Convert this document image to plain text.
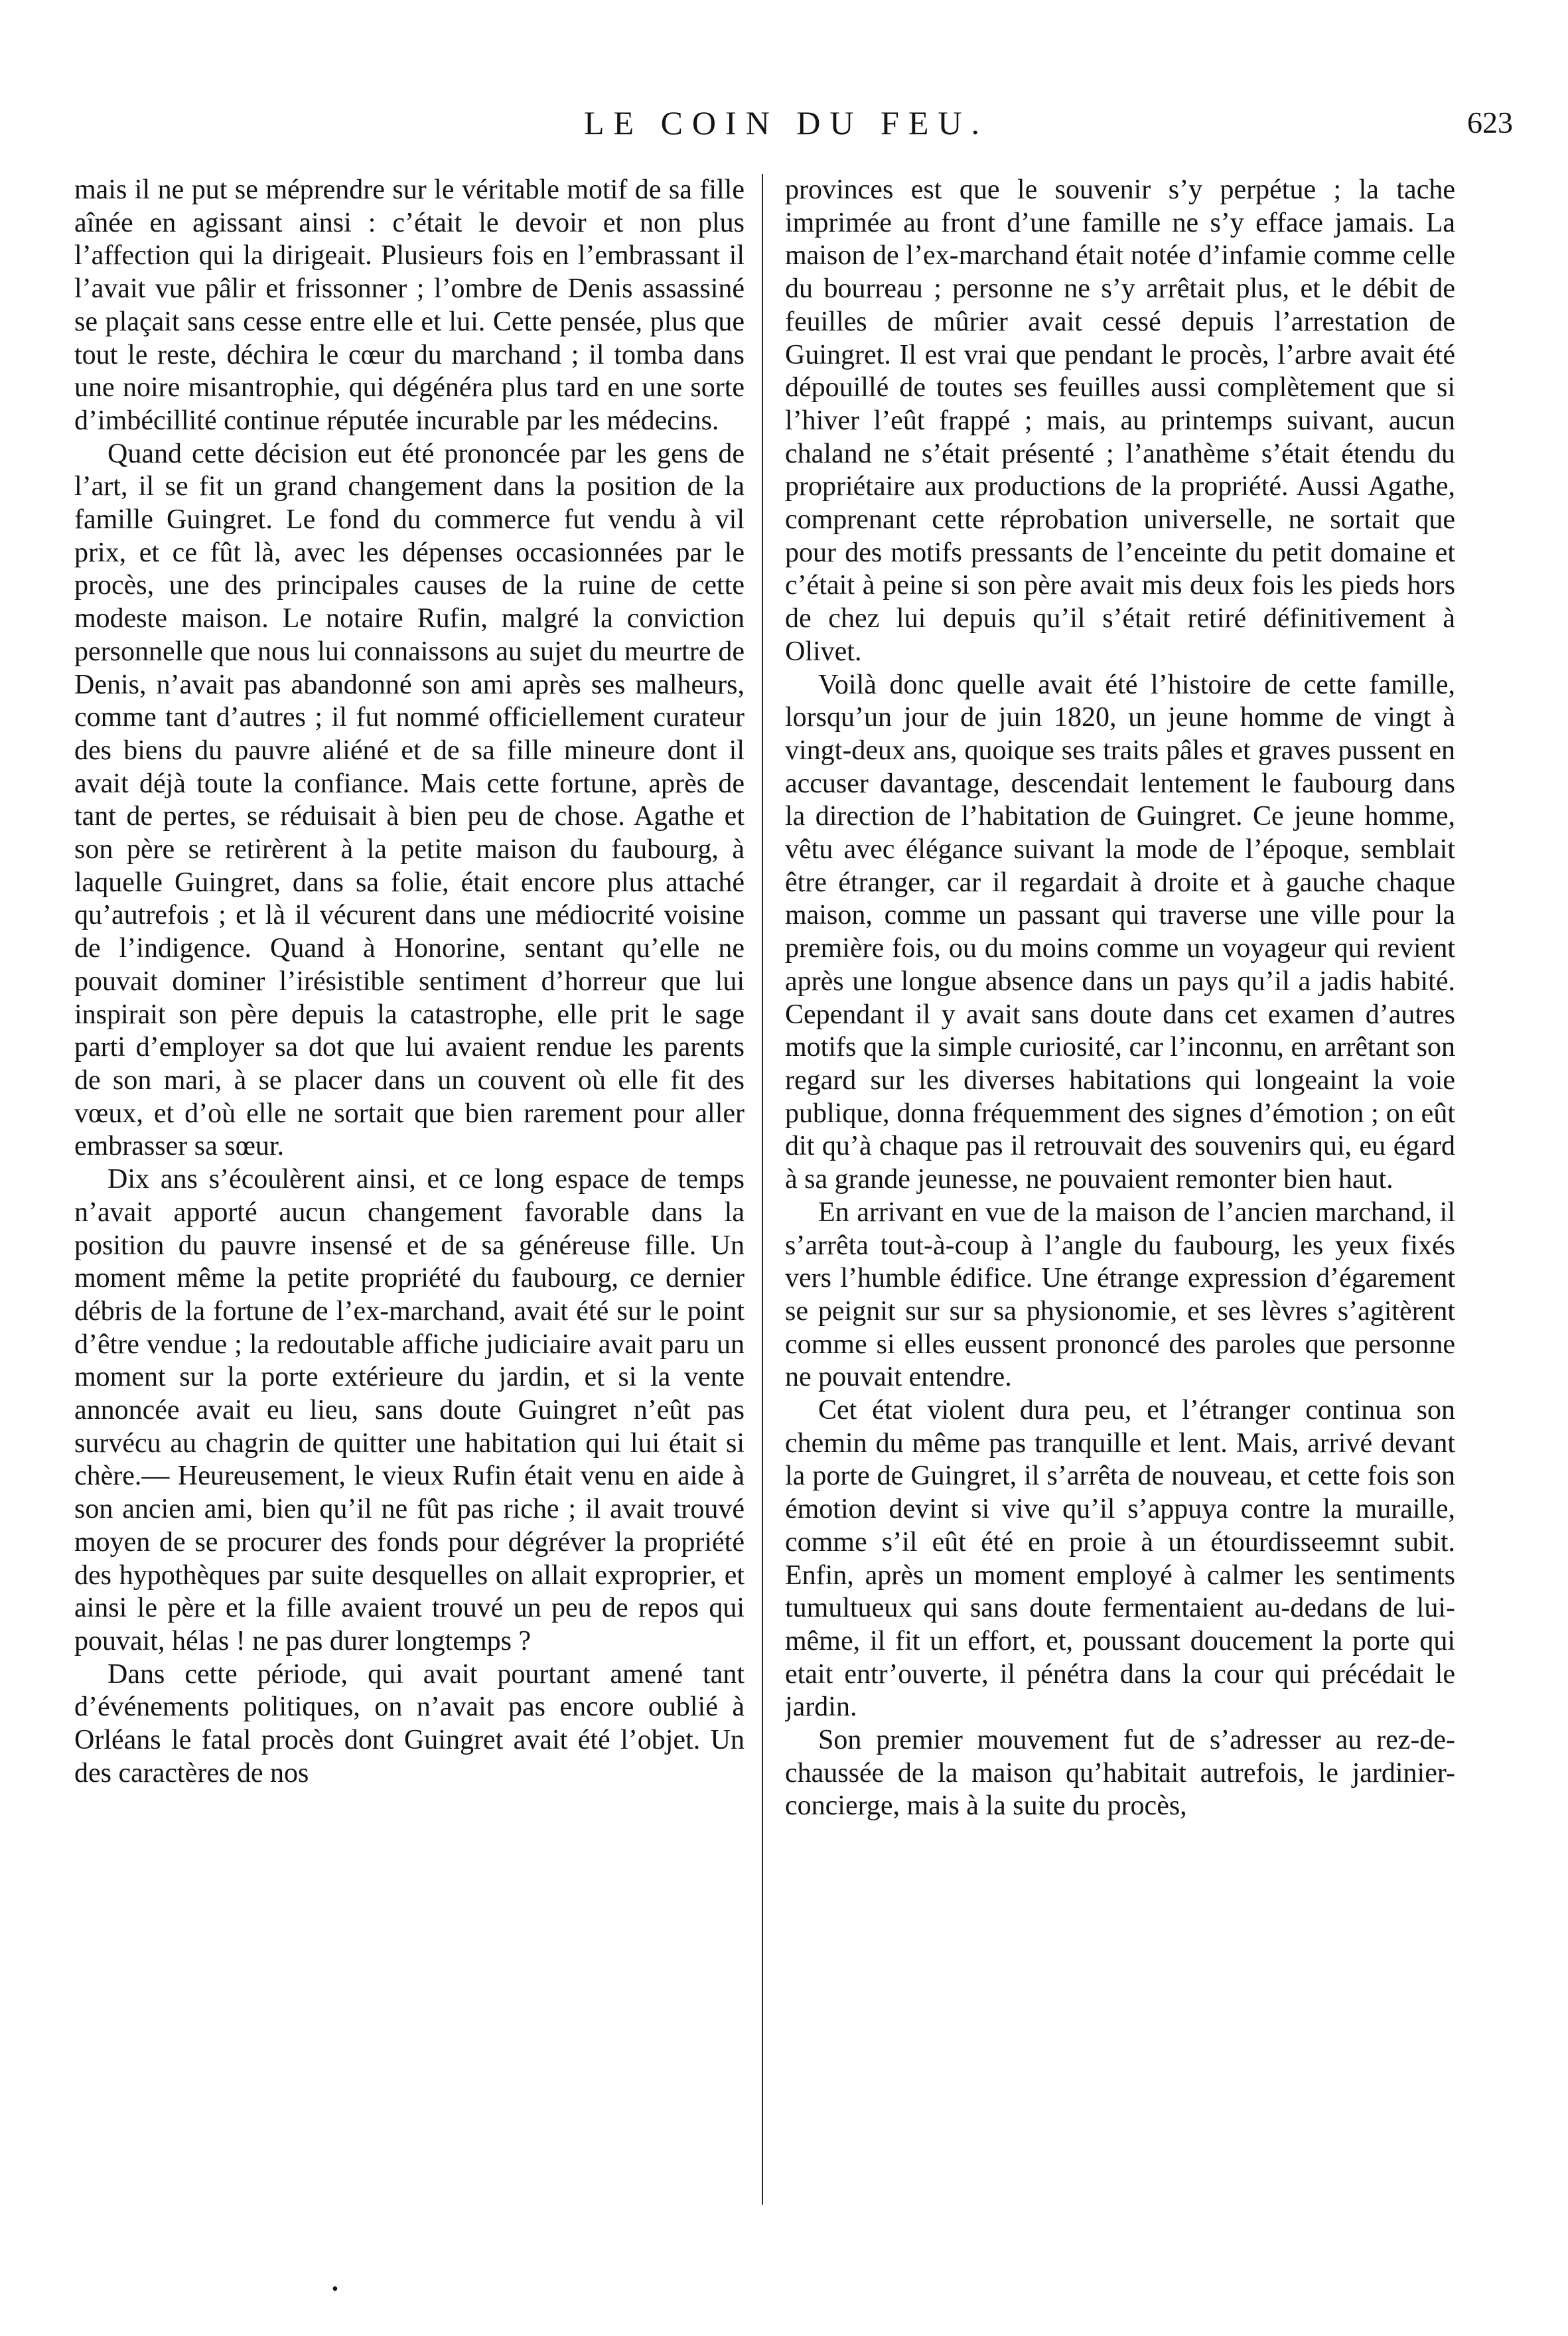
LE COIN DU FEU.	623

mais il ne put se méprendre sur le véritable motif de sa fille aînée en agissant ainsi : c’était le devoir et non plus l’affection qui la dirigeait. Plusieurs fois en l’embrassant il l’avait vue pâlir et frissonner ; l’ombre de Denis assassiné se plaçait sans cesse entre elle et lui. Cette pensée, plus que tout le reste, déchira le cœur du marchand ; il tomba dans une noire misantrophie, qui dégénéra plus tard en une sorte d’imbécillité continue réputée incurable par les médecins.

Quand cette décision eut été prononcée par les gens de l’art, il se fit un grand changement dans la position de la famille Guingret. Le fond du commerce fut vendu à vil prix, et ce fût là, avec les dépenses occasionnées par le procès, une des principales causes de la ruine de cette modeste maison. Le notaire Rufin, malgré la conviction personnelle que nous lui connaissons au sujet du meurtre de Denis, n’avait pas abandonné son ami après ses malheurs, comme tant d’autres ; il fut nommé officiellement curateur des biens du pauvre aliéné et de sa fille mineure dont il avait déjà toute la confiance. Mais cette fortune, après de tant de pertes, se réduisait à bien peu de chose. Agathe et son père se retirèrent à la petite maison du faubourg, à laquelle Guingret, dans sa folie, était encore plus attaché qu’autrefois ; et là il vécurent dans une médiocrité voisine de l’indigence. Quand à Honorine, sentant qu’elle ne pouvait dominer l’irésistible sentiment d’horreur que lui inspirait son père depuis la catastrophe, elle prit le sage parti d’employer sa dot que lui avaient rendue les parents de son mari, à se placer dans un couvent où elle fit des vœux, et d’où elle ne sortait que bien rarement pour aller embrasser sa sœur.

Dix ans s’écoulèrent ainsi, et ce long espace de temps n’avait apporté aucun changement favorable dans la position du pauvre insensé et de sa généreuse fille. Un moment même la petite propriété du faubourg, ce dernier débris de la fortune de l’ex-marchand, avait été sur le point d’être vendue ; la redoutable affiche judiciaire avait paru un moment sur la porte extérieure du jardin, et si la vente annoncée avait eu lieu, sans doute Guingret n’eût pas survécu au chagrin de quitter une habitation qui lui était si chère.— Heureusement, le vieux Rufin était venu en aide à son ancien ami, bien qu’il ne fût pas riche ; il avait trouvé moyen de se procurer des fonds pour dégréver la propriété des hypothèques par suite desquelles on allait exproprier, et ainsi le père et la fille avaient trouvé un peu de repos qui pouvait, hélas ! ne pas durer longtemps ?

Dans cette période, qui avait pourtant amené tant d’événements politiques, on n’avait pas encore oublié à Orléans le fatal procès dont Guingret avait été l’objet. Un des caractères de nos

provinces est que le souvenir s’y perpétue ; la tache imprimée au front d’une famille ne s’y efface jamais. La maison de l’ex-marchand était notée d’infamie comme celle du bourreau ; personne ne s’y arrêtait plus, et le débit de feuilles de mûrier avait cessé depuis l’arrestation de Guingret. Il est vrai que pendant le procès, l’arbre avait été dépouillé de toutes ses feuilles aussi complètement que si l’hiver l’eût frappé ; mais, au printemps suivant, aucun chaland ne s’était présenté ; l’anathème s’était étendu du propriétaire aux productions de la propriété. Aussi Agathe, comprenant cette réprobation universelle, ne sortait que pour des motifs pressants de l’enceinte du petit domaine et c’était à peine si son père avait mis deux fois les pieds hors de chez lui depuis qu’il s’était retiré définitivement à Olivet.

Voilà donc quelle avait été l’histoire de cette famille, lorsqu’un jour de juin 1820, un jeune homme de vingt à vingt-deux ans, quoique ses traits pâles et graves pussent en accuser davantage, descendait lentement le faubourg dans la direction de l’habitation de Guingret. Ce jeune homme, vêtu avec élégance suivant la mode de l’époque, semblait être étranger, car il regardait à droite et à gauche chaque maison, comme un passant qui traverse une ville pour la première fois, ou du moins comme un voyageur qui revient après une longue absence dans un pays qu’il a jadis habité. Cependant il y avait sans doute dans cet examen d’autres motifs que la simple curiosité, car l’inconnu, en arrêtant son regard sur les diverses habitations qui longeaint la voie publique, donna fréquemment des signes d’émotion ; on eût dit qu’à chaque pas il retrouvait des souvenirs qui, eu égard à sa grande jeunesse, ne pouvaient remonter bien haut.

En arrivant en vue de la maison de l’ancien marchand, il s’arrêta tout-à-coup à l’angle du faubourg, les yeux fixés vers l’humble édifice. Une étrange expression d’égarement se peignit sur sur sa physionomie, et ses lèvres s’agitèrent comme si elles eussent prononcé des paroles que personne ne pouvait entendre.

Cet état violent dura peu, et l’étranger continua son chemin du même pas tranquille et lent. Mais, arrivé devant la porte de Guingret, il s’arrêta de nouveau, et cette fois son émotion devint si vive qu’il s’appuya contre la muraille, comme s’il eût été en proie à un étourdisseemnt subit. Enfin, après un moment employé à calmer les sentiments tumultueux qui sans doute fermentaient au-dedans de lui-même, il fit un effort, et, poussant doucement la porte qui etait entr’ouverte, il pénétra dans la cour qui précédait le jardin.

Son premier mouvement fut de s’adresser au rez-de-chaussée de la maison qu’habitait autrefois, le jardinier-concierge, mais à la suite du procès,

•
